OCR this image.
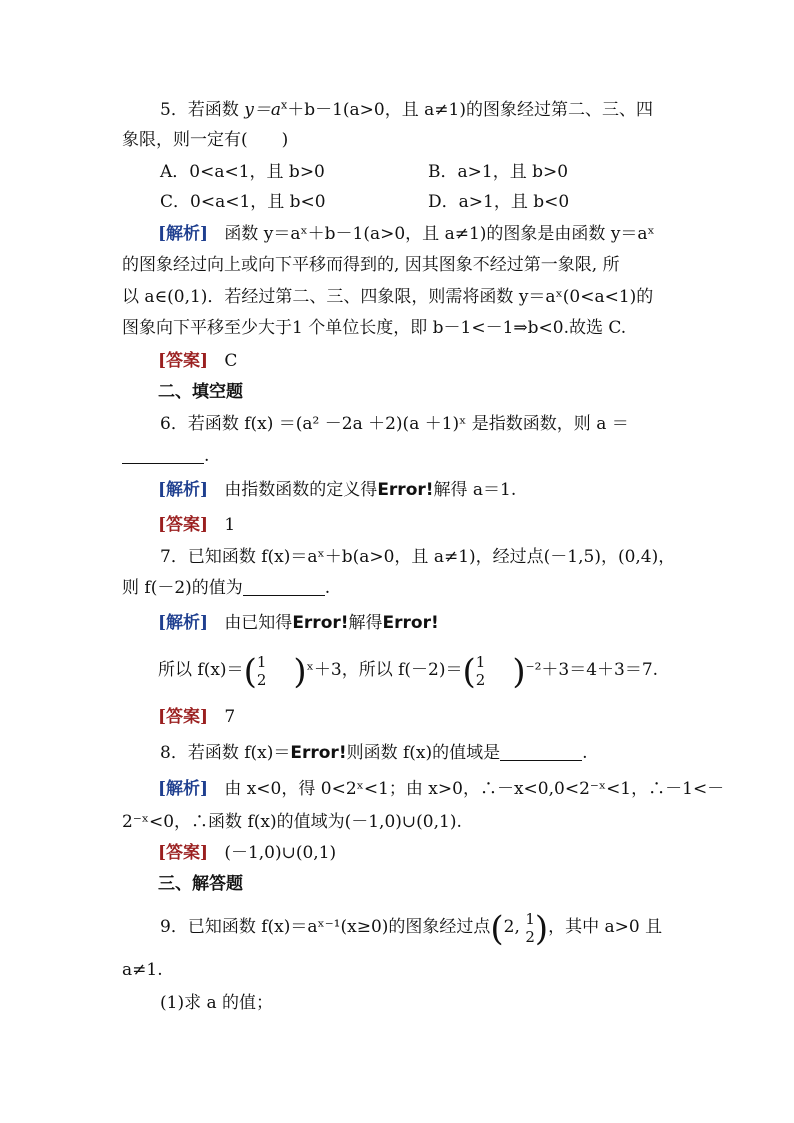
5．若函数 $y=a^x+b-1(a>0$，且 a≠1)的图象经过第二、三、四
象限，则一定有(　　)
A．0<a<1，且 b>0	B．a>1，且 b>0
C．0<a<1，且 b<0	D．a>1，且 b<0
[解析] 函数 y＝aˣ＋b－1(a>0，且 a≠1)的图象是由函数 y＝aˣ
的图象经过向上或向下平移而得到的, 因其图象不经过第一象限, 所
以 a∈(0,1)．若经过第二、三、四象限，则需将函数 y＝aˣ(0<a<1)的
图象向下平移至少大于1 个单位长度，即 b－1<－1⇒b<0.故选 C.
[答案] C
二、填空题
6．若函数 f(x) ＝(a² －2a ＋2)(a ＋1)ˣ 是指数函数，则 a ＝
.
[解析] 由指数函数的定义得Error!解得 a＝1.
[答案] 1
7．已知函数 f(x)＝aˣ＋b(a>0，且 a≠1)，经过点(－1,5)，(0,4)，
则 f(－2)的值为	.
[解析] 由已知得Error!解得Error!
所以 f(x)＝( 1
2 )ˣ＋3，所以 f(－2)＝( 1
2 )⁻²＋3＝4＋3＝7.
[答案] 7
8．若函数 f(x)＝Error!则函数 f(x)的值域是	.
[解析] 由 x<0，得 0<2ˣ<1；由 x>0，∴－x<0,0<2⁻ˣ<1，∴－1<－
2⁻ˣ<0，∴函数 f(x)的值域为(－1,0)∪(0,1).
[答案] (－1,0)∪(0,1)
三、解答题
9．已知函数 f(x)＝aˣ⁻¹(x≥0)的图象经过点(2, 1
2 )，其中 a>0 且
a≠1.
(1)求 a 的值；
